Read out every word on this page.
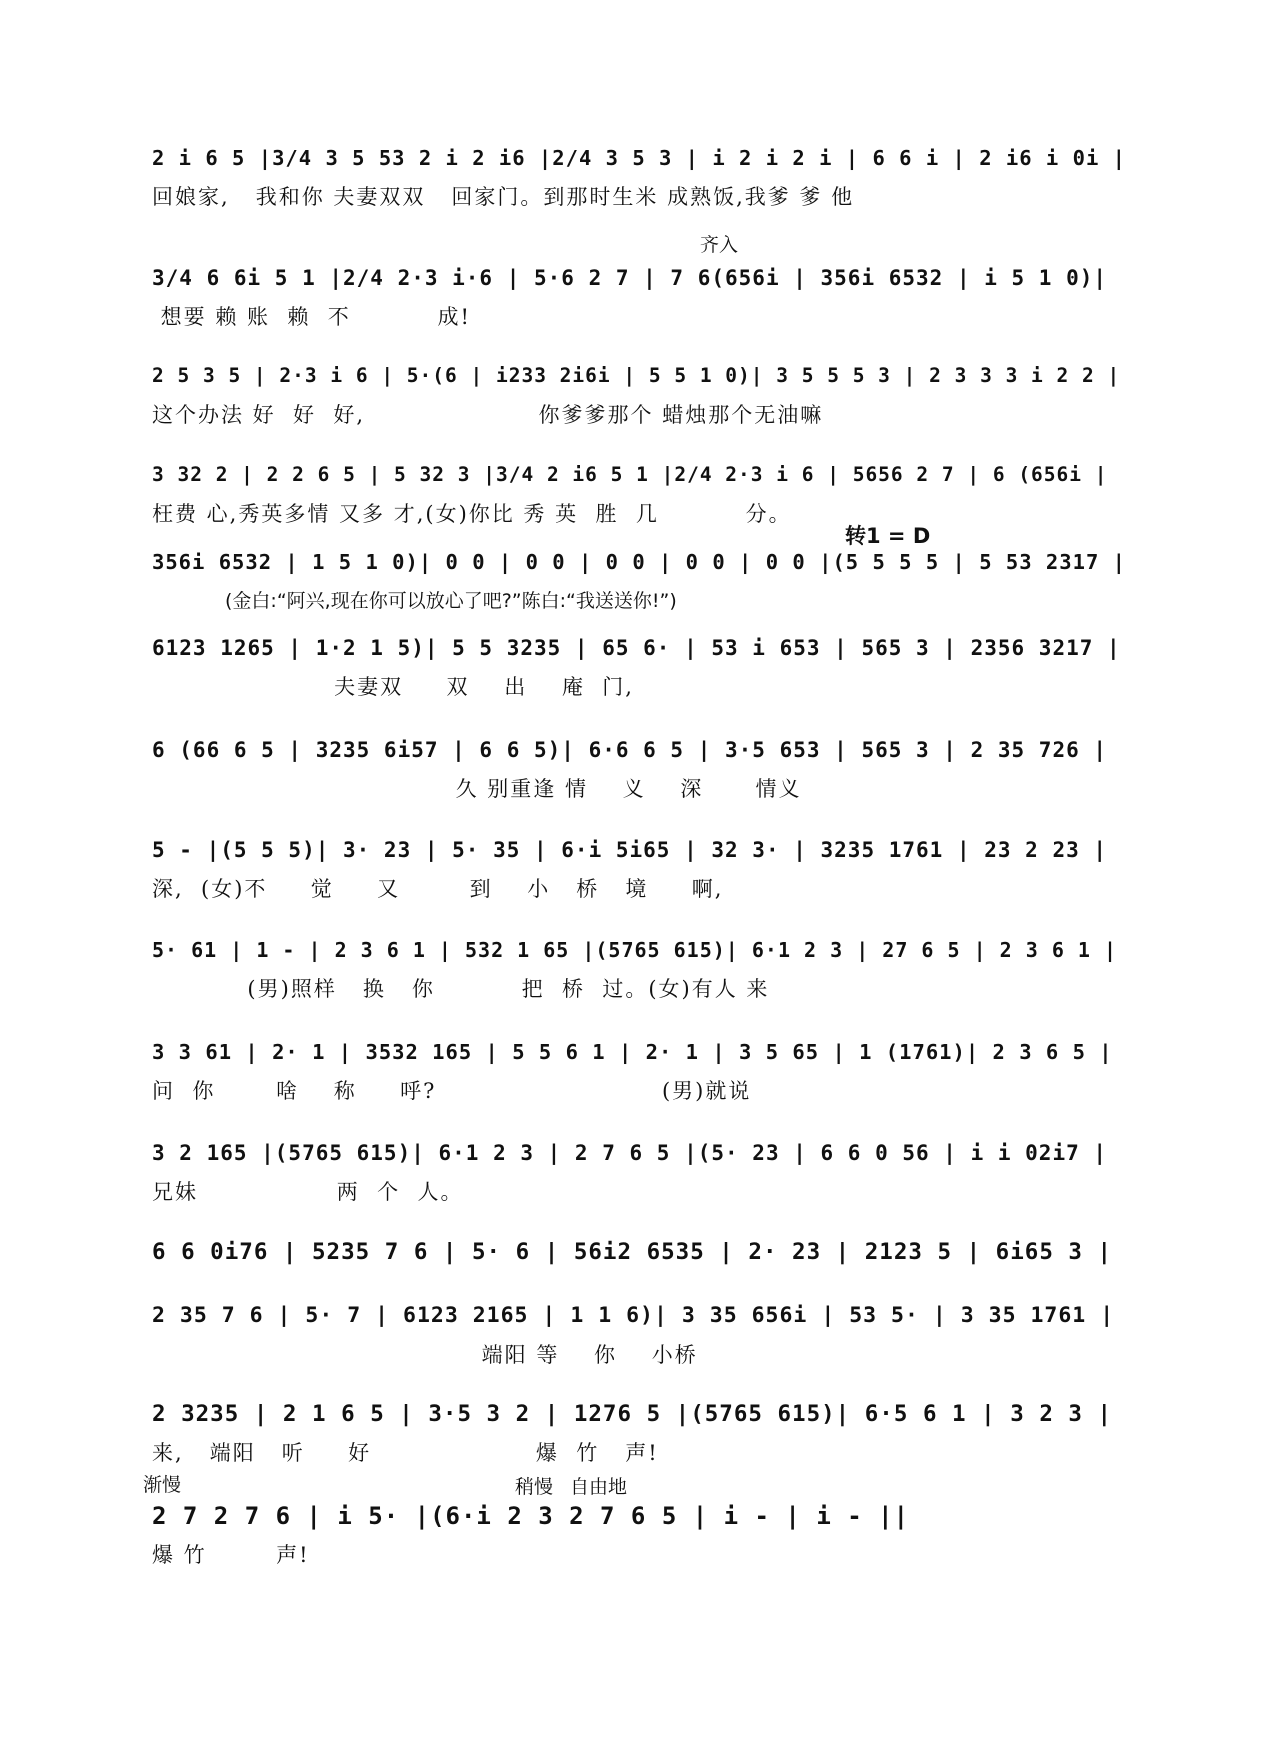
2 i 6 5 |3/4 3 5 53 2 i 2 i6 |2/4 3 5 3 | i 2 i 2 i | 6 6 i | 2 i6 i 0i |
回娘家,   我和你 夫妻双双   回家门。到那时生米 成熟饭,我爹 爹 他
齐入
3/4 6 6i 5 1 |2/4 2·3 i·6 | 5·6 2 7 | 7 6(656i | 356i 6532 | i 5 1 0)|
想要 赖 账  赖  不          成!
2 5 3 5 | 2·3 i 6 | 5·(6 | i233 2i6i | 5 5 1 0)| 3 5 5 5 3 | 2 3 3 3 i 2 2 |
这个办法 好  好  好,                    你爹爹那个 蜡烛那个无油嘛
3 32 2 | 2 2 6 5 | 5 32 3 |3/4 2 i6 5 1 |2/4 2·3 i 6 | 5656 2 7 | 6 (656i |
枉费 心,秀英多情 又多 才,(女)你比 秀 英  胜  几          分。
转1 = D
356i 6532 | 1 5 1 0)| 0 0 | 0 0 | 0 0 | 0 0 | 0 0 |(5 5 5 5 | 5 53 2317 |
(金白:“阿兴,现在你可以放心了吧?”陈白:“我送送你!”)
6123 1265 | 1·2 1 5)| 5 5 3235 | 65 6· | 53 i 653 | 565 3 | 2356 3217 |
夫妻双     双    出    庵  门,
6 (66 6 5 | 3235 6i57 | 6 6 5)| 6·6 6 5 | 3·5 653 | 565 3 | 2 35 726 |
久 别重逢 情    义    深      情义
5 - |(5 5 5)| 3· 23 | 5· 35 | 6·i 5i65 | 32 3· | 3235 1761 | 23 2 23 |
深,  (女)不     觉     又        到    小   桥   境     啊,
5· 61 | 1 - | 2 3 6 1 | 532 1 65 |(5765 615)| 6·1 2 3 | 27 6 5 | 2 3 6 1 |
(男)照样   换   你          把  桥  过。(女)有人 来
3 3 61 | 2· 1 | 3532 165 | 5 5 6 1 | 2· 1 | 3 5 65 | 1 (1761)| 2 3 6 5 |
问  你       啥    称     呼?                          (男)就说
3 2 165 |(5765 615)| 6·1 2 3 | 2 7 6 5 |(5· 23 | 6 6 0 56 | i i 02i7 |
兄妹                两  个  人。
6 6 0i76 | 5235 7 6 | 5· 6 | 56i2 6535 | 2· 23 | 2123 5 | 6i65 3 |
2 35 7 6 | 5· 7 | 6123 2165 | 1 1 6)| 3 35 656i | 53 5· | 3 35 1761 |
端阳 等    你    小桥
2 3235 | 2 1 6 5 | 3·5 3 2 | 1276 5 |(5765 615)| 6·5 6 1 | 3 2 3 |
来,   端阳   听     好                   爆  竹   声!
渐慢	稍慢 自由地
2 7 2 7 6 | i 5· |(6·i 2 3 2 7 6 5 | i - | i - ||
爆 竹        声!
